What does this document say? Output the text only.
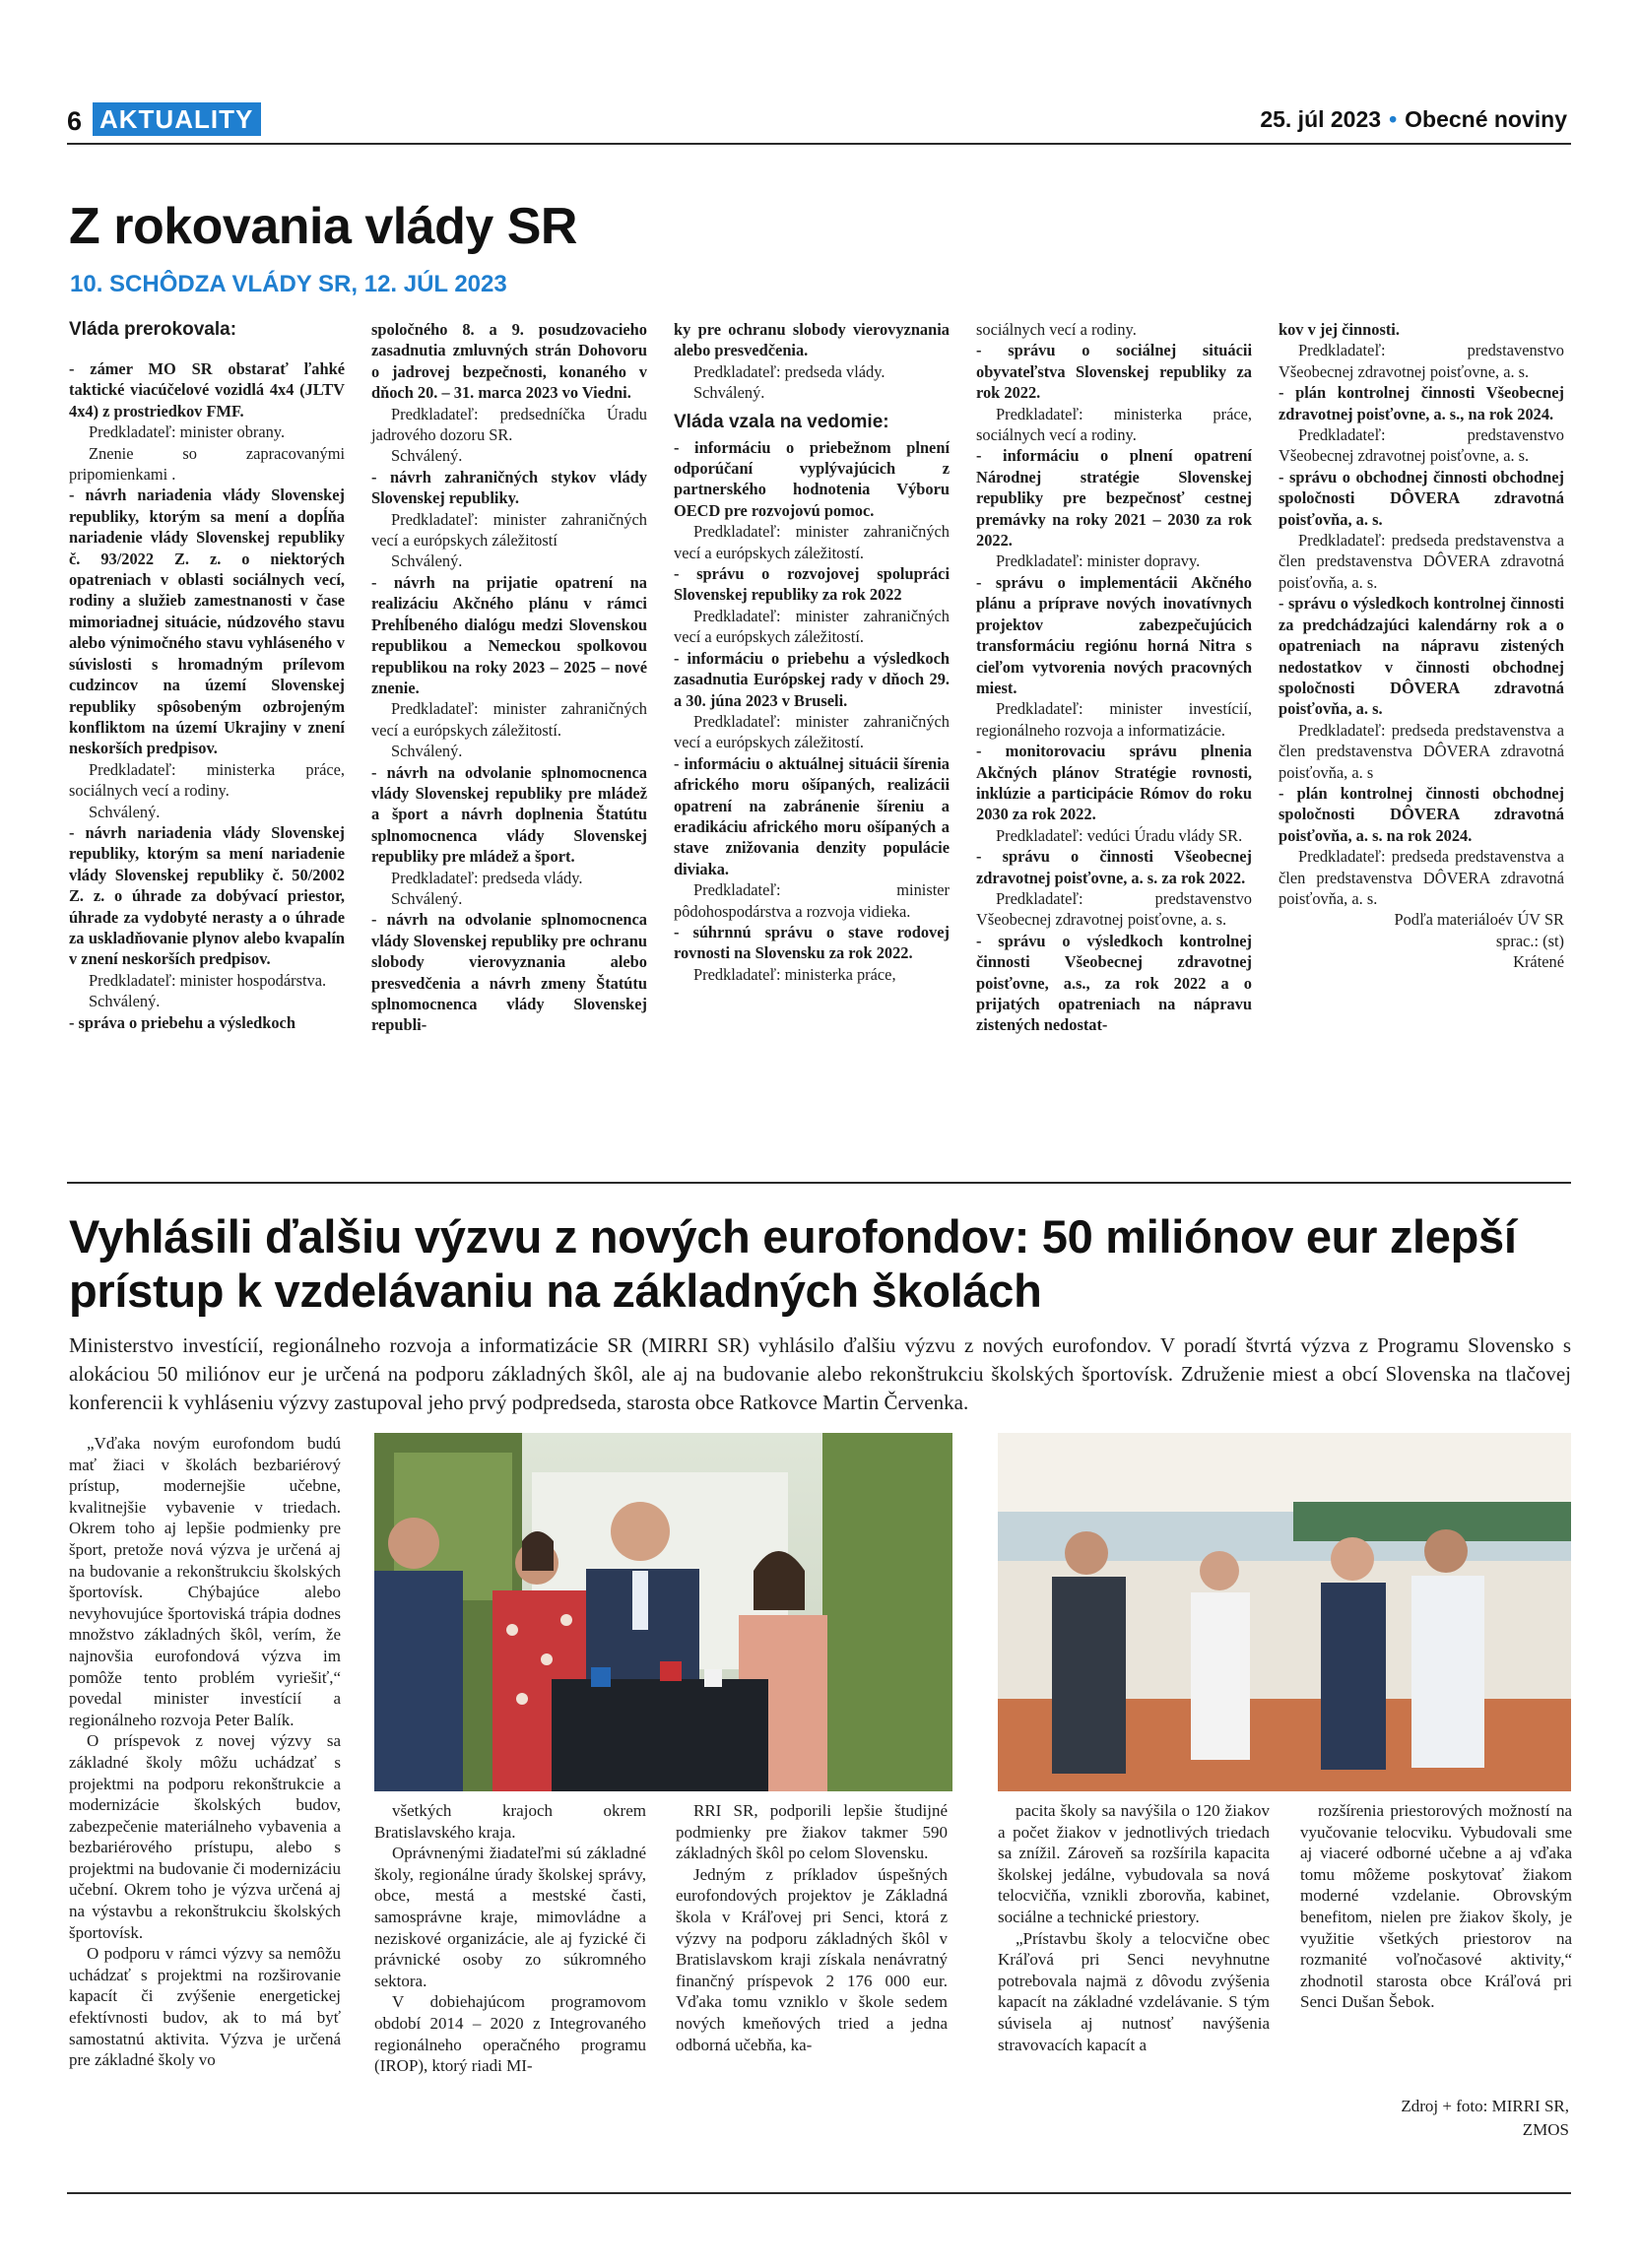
6 AKTUALITY	25. júl 2023 • Obecné noviny
Z rokovania vlády SR
10. SCHÔDZA VLÁDY SR, 12. JÚL 2023

Vláda prerokovala:

- zámer MO SR obstarať ľahké taktické viacúčelové vozidlá 4x4 (JLTV 4x4) z prostriedkov FMF.

Predkladateľ: minister obrany.

Znenie so zapracovanými pripomienkami .

- návrh nariadenia vlády Slovenskej republiky, ktorým sa mení a dopĺňa nariadenie vlády Slovenskej republiky č. 93/2022 Z. z. o niektorých opatreniach v oblasti sociálnych vecí, rodiny a služieb zamestnanosti v čase mimoriadnej situácie, núdzového stavu alebo výnimočného stavu vyhláseného v súvislosti s hromadným prílevom cudzincov na území Slovenskej republiky spôsobeným ozbrojeným konfliktom na území Ukrajiny v znení neskorších predpisov.

Predkladateľ: ministerka práce, sociálnych vecí a rodiny.

Schválený.

- návrh nariadenia vlády Slovenskej republiky, ktorým sa mení nariadenie vlády Slovenskej republiky č. 50/2002 Z. z. o úhrade za dobývací priestor, úhrade za vydobyté nerasty a o úhrade za uskladňovanie plynov alebo kvapalín v znení neskorších predpisov.

Predkladateľ: minister hospodárstva.

Schválený.

- správa o priebehu a výsledkoch

spoločného 8. a 9. posudzovacieho zasadnutia zmluvných strán Dohovoru o jadrovej bezpečnosti, konaného v dňoch 20. – 31. marca 2023 vo Viedni.

Predkladateľ: predsedníčka Úradu jadrového dozoru SR.

Schválený.

- návrh zahraničných stykov vlády Slovenskej republiky.

Predkladateľ: minister zahraničných vecí a európskych záležitostí

Schválený.

- návrh na prijatie opatrení na realizáciu Akčného plánu v rámci Prehĺbeného dialógu medzi Slovenskou republikou a Nemeckou spolkovou republikou na roky 2023 – 2025 – nové znenie.

Predkladateľ: minister zahraničných vecí a európskych záležitostí.

Schválený.

- návrh na odvolanie splnomocnenca vlády Slovenskej republiky pre mládež a šport a návrh doplnenia Štatútu splnomocnenca vlády Slovenskej republiky pre mládež a šport.

Predkladateľ: predseda vlády.

Schválený.

- návrh na odvolanie splnomocnenca vlády Slovenskej republiky pre ochranu slobody vierovyznania alebo presvedčenia a návrh zmeny Štatútu splnomocnenca vlády Slovenskej republi-

ky pre ochranu slobody vierovyznania alebo presvedčenia.

Predkladateľ: predseda vlády.

Schválený.

Vláda vzala na vedomie:

- informáciu o priebežnom plnení odporúčaní vyplývajúcich z partnerského hodnotenia Výboru OECD pre rozvojovú pomoc.

Predkladateľ: minister zahraničných vecí a európskych záležitostí.

- správu o rozvojovej spolupráci Slovenskej republiky za rok 2022

Predkladateľ: minister zahraničných vecí a európskych záležitostí.

- informáciu o priebehu a výsledkoch zasadnutia Európskej rady v dňoch 29. a 30. júna 2023 v Bruseli.

Predkladateľ: minister zahraničných vecí a európskych záležitostí.

- informáciu o aktuálnej situácii šírenia afrického moru ošípaných, realizácii opatrení na zabránenie šíreniu a eradikáciu afrického moru ošípaných a stave znižovania denzity populácie diviaka.

Predkladateľ: minister pôdohospodárstva a rozvoja vidieka.

- súhrnnú správu o stave rodovej rovnosti na Slovensku za rok 2022.

Predkladateľ: ministerka práce,

sociálnych vecí a rodiny.

- správu o sociálnej situácii obyvateľstva Slovenskej republiky za rok 2022.

Predkladateľ: ministerka práce, sociálnych vecí a rodiny.

- informáciu o plnení opatrení Národnej stratégie Slovenskej republiky pre bezpečnosť cestnej premávky na roky 2021 – 2030 za rok 2022.

Predkladateľ: minister dopravy.

- správu o implementácii Akčného plánu a príprave nových inovatívnych projektov zabezpečujúcich transformáciu regiónu horná Nitra s cieľom vytvorenia nových pracovných miest.

Predkladateľ: minister investícií, regionálneho rozvoja a informatizácie.

- monitorovaciu správu plnenia Akčných plánov Stratégie rovnosti, inklúzie a participácie Rómov do roku 2030 za rok 2022.

Predkladateľ: vedúci Úradu vlády SR.

- správu o činnosti Všeobecnej zdravotnej poisťovne, a. s. za rok 2022.

Predkladateľ: predstavenstvo Všeobecnej zdravotnej poisťovne, a. s.

- správu o výsledkoch kontrolnej činnosti Všeobecnej zdravotnej poisťovne, a.s., za rok 2022 a o prijatých opatreniach na nápravu zistených nedostat-

kov v jej činnosti.

Predkladateľ: predstavenstvo Všeobecnej zdravotnej poisťovne, a. s.

- plán kontrolnej činnosti Všeobecnej zdravotnej poisťovne, a. s., na rok 2024.

Predkladateľ: predstavenstvo Všeobecnej zdravotnej poisťovne, a. s.

- správu o obchodnej činnosti obchodnej spoločnosti DÔVERA zdravotná poisťovňa, a. s.

Predkladateľ: predseda predstavenstva a člen predstavenstva DÔVERA zdravotná poisťovňa, a. s.

- správu o výsledkoch kontrolnej činnosti za predchádzajúci kalendárny rok a o opatreniach na nápravu zistených nedostatkov v činnosti obchodnej spoločnosti DÔVERA zdravotná poisťovňa, a. s.

Predkladateľ: predseda predstavenstva a člen predstavenstva DÔVERA zdravotná poisťovňa, a. s

- plán kontrolnej činnosti obchodnej spoločnosti DÔVERA zdravotná poisťovňa, a. s. na rok 2024.

Predkladateľ: predseda predstavenstva a člen predstavenstva DÔVERA zdravotná poisťovňa, a. s.

Podľa materiáloév ÚV SR

sprac.: (st)

Krátené

Vyhlásili ďalšiu výzvu z nových eurofondov: 50 miliónov eur zlepší prístup k vzdelávaniu na základných školách
Ministerstvo investícií, regionálneho rozvoja a informatizácie SR (MIRRI SR) vyhlásilo ďalšiu výzvu z nových eurofondov. V poradí štvrtá výzva z Programu Slovensko s alokáciou 50 miliónov eur je určená na podporu základných škôl, ale aj na budovanie alebo rekonštrukciu školských športovísk. Združenie miest a obcí Slovenska na tlačovej konferencii k vyhláseniu výzvy zastupoval jeho prvý podpredseda, starosta obce Ratkovce Martin Červenka.

„Vďaka novým eurofondom budú mať žiaci v školách bezbariérový prístup, modernejšie učebne, kvalitnejšie vybavenie v triedach. Okrem toho aj lepšie podmienky pre šport, pretože nová výzva je určená aj na budovanie a rekonštrukciu školských športovísk. Chýbajúce alebo nevyhovujúce športoviská trápia dodnes množstvo základných škôl, verím, že najnovšia eurofondová výzva im pomôže tento problém vyriešiť,“ povedal minister investícií a regionálneho rozvoja Peter Balík.

O príspevok z novej výzvy sa základné školy môžu uchádzať s projektmi na podporu rekonštrukcie a modernizácie školských budov, zabezpečenie materiálneho vybavenia a bezbariérového prístupu, alebo s projektmi na budovanie či modernizáciu učební. Okrem toho je výzva určená aj na výstavbu a rekonštrukciu školských športovísk.

O podporu v rámci výzvy sa nemôžu uchádzať s projektmi na rozširovanie kapacít či zvýšenie energetickej efektívnosti budov, ak to má byť samostatnú aktivita. Výzva je určená pre základné školy vo

všetkých krajoch okrem Bratislavského kraja.

Oprávnenými žiadateľmi sú základné školy, regionálne úrady školskej správy, obce, mestá a mestské časti, samosprávne kraje, mimovládne a neziskové organizácie, ale aj fyzické či právnické osoby zo súkromného sektora.

V dobiehajúcom programovom období 2014 – 2020 z Integrovaného regionálneho operačného programu (IROP), ktorý riadi MI-

RRI SR, podporili lepšie študijné podmienky pre žiakov takmer 590 základných škôl po celom Slovensku.

Jedným z príkladov úspešných eurofondových projektov je Základná škola v Kráľovej pri Senci, ktorá z výzvy na podporu základných škôl v Bratislavskom kraji získala nenávratný finančný príspevok 2 176 000 eur. Vďaka tomu vzniklo v škole sedem nových kmeňových tried a jedna odborná učebňa, ka-

pacita školy sa navýšila o 120 žiakov a počet žiakov v jednotlivých triedach sa znížil. Zároveň sa rozšírila kapacita školskej jedálne, vybudovala sa nová telocvičňa, vznikli zborovňa, kabinet, sociálne a technické priestory.

„Prístavbu školy a telocvične obec Kráľová pri Senci nevyhnutne potrebovala najmä z dôvodu zvýšenia kapacít na základné vzdelávanie. S tým súvisela aj nutnosť navýšenia stravovacích kapacít a

rozšírenia priestorových možností na vyučovanie telocviku. Vybudovali sme aj viaceré odborné učebne a aj vďaka tomu môžeme poskytovať žiakom moderné vzdelanie. Obrovským benefitom, nielen pre žiakov školy, je využitie všetkých priestorov na rozmanité voľnočasové aktivity,“ zhodnotil starosta obce Kráľová pri Senci Dušan Šebok.

Zdroj + foto: MIRRI SR,
ZMOS
